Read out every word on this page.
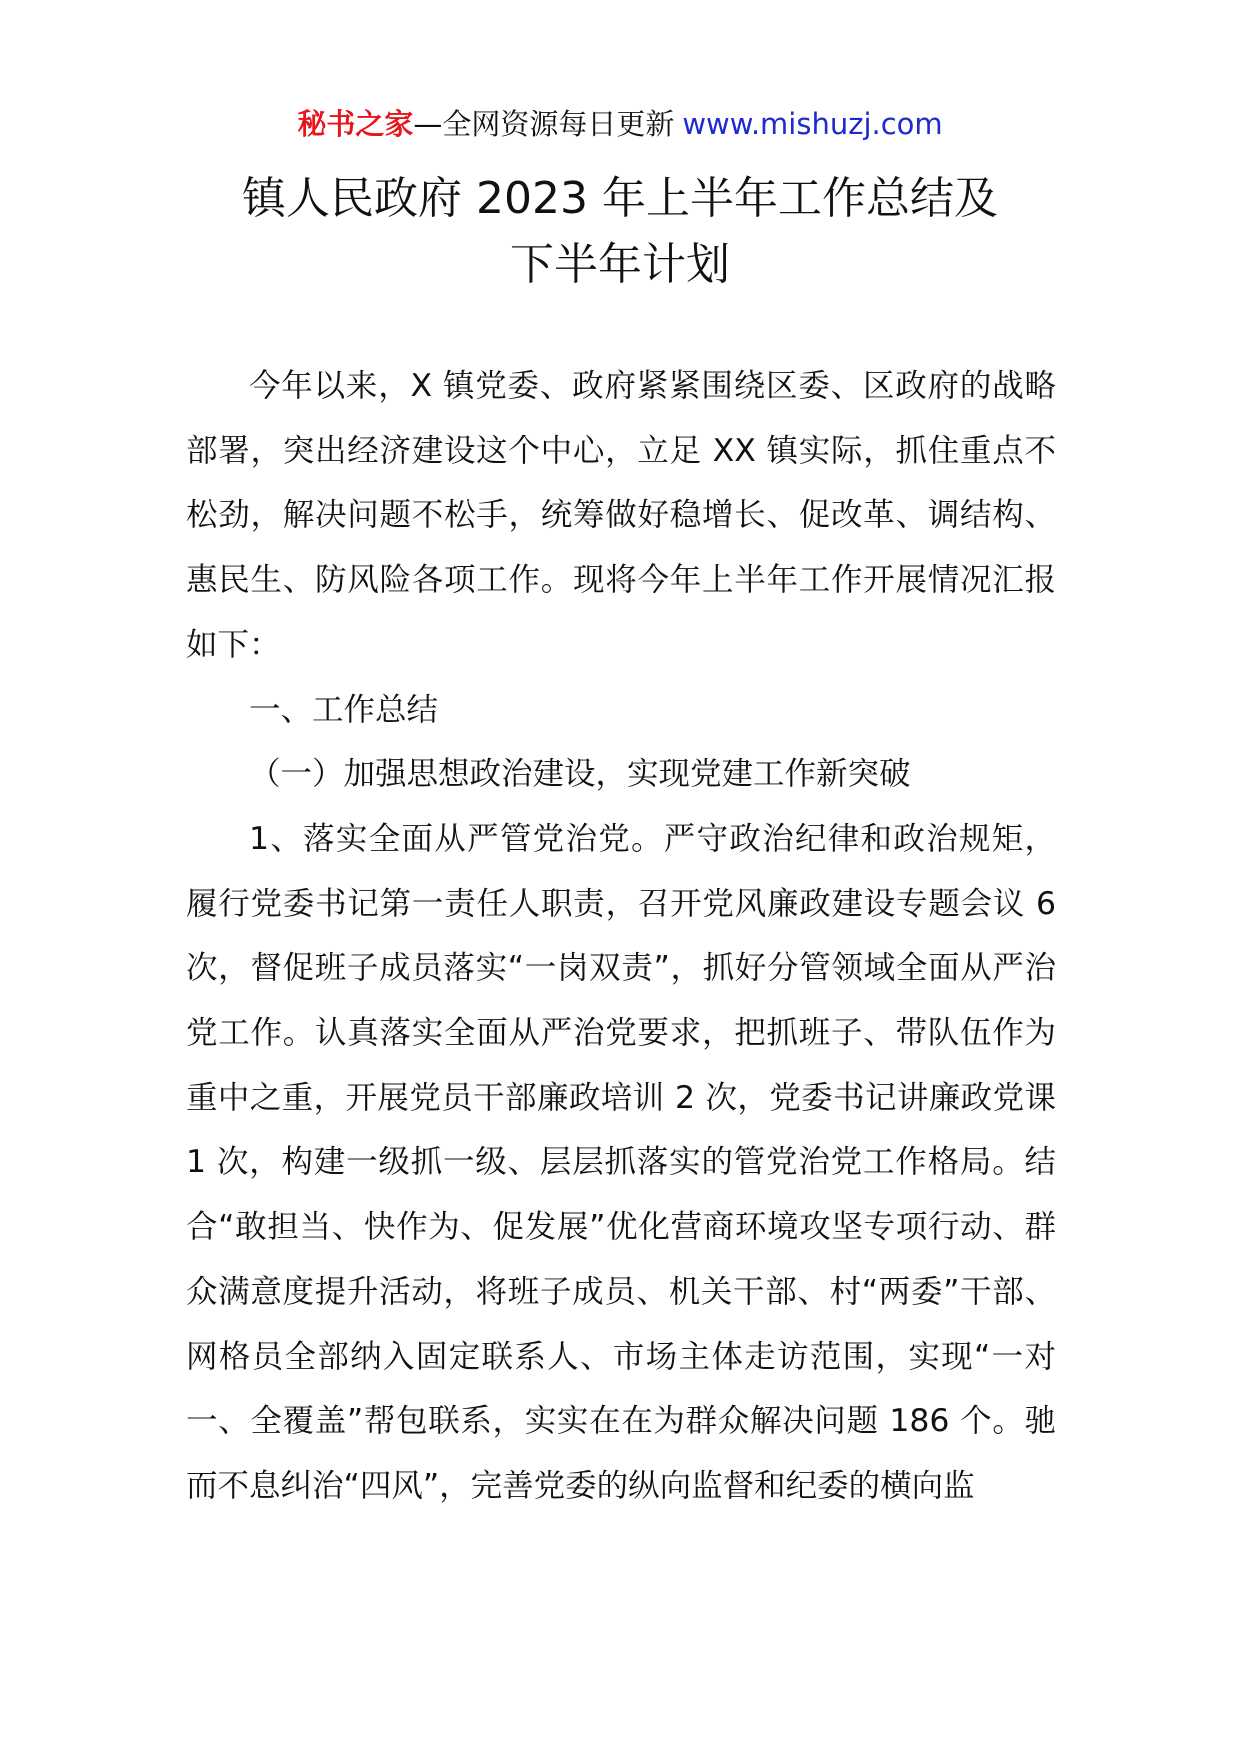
秘书之家—全网资源每日更新 www.mishuzj.com
镇人民政府 2023 年上半年工作总结及
下半年计划

今年以来，X 镇党委、政府紧紧围绕区委、区政府的战略部署，突出经济建设这个中心，立足 XX 镇实际，抓住重点不松劲，解决问题不松手，统筹做好稳增长、促改革、调结构、惠民生、防风险各项工作。现将今年上半年工作开展情况汇报如下：

一、工作总结

（一）加强思想政治建设，实现党建工作新突破

1、落实全面从严管党治党。严守政治纪律和政治规矩，履行党委书记第一责任人职责，召开党风廉政建设专题会议 6 次，督促班子成员落实“一岗双责”，抓好分管领域全面从严治党工作。认真落实全面从严治党要求，把抓班子、带队伍作为重中之重，开展党员干部廉政培训 2 次，党委书记讲廉政党课 1 次，构建一级抓一级、层层抓落实的管党治党工作格局。结合“敢担当、快作为、促发展”优化营商环境攻坚专项行动、群众满意度提升活动，将班子成员、机关干部、村“两委”干部、网格员全部纳入固定联系人、市场主体走访范围，实现“一对一、全覆盖”帮包联系，实实在在为群众解决问题 186 个。驰而不息纠治“四风”，完善党委的纵向监督和纪委的横向监
